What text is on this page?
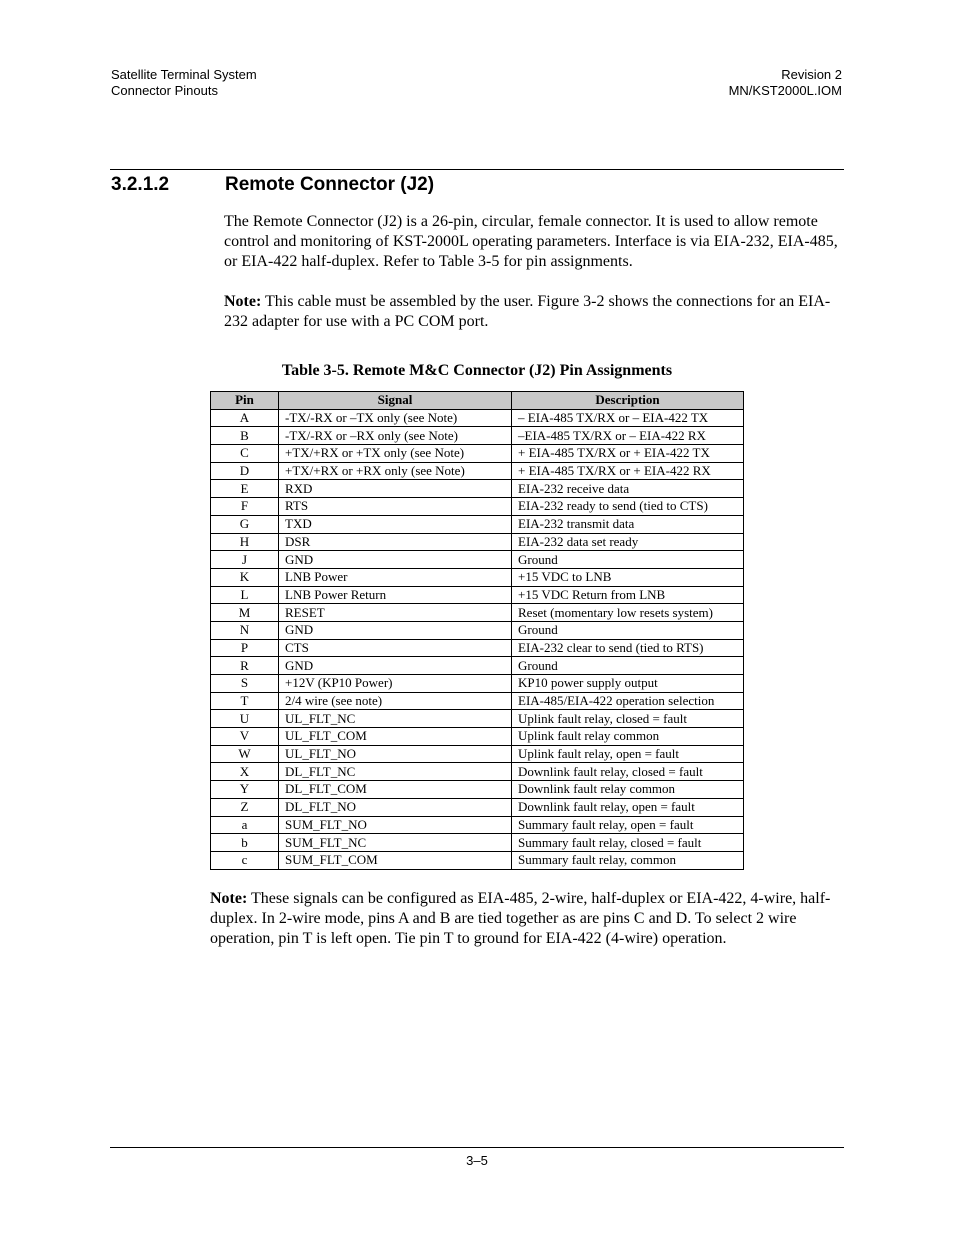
Satellite Terminal System
Connector Pinouts
Revision 2
MN/KST2000L.IOM
3.2.1.2	Remote Connector (J2)
The Remote Connector (J2) is a 26-pin, circular, female connector. It is used to allow remote control and monitoring of KST-2000L operating parameters. Interface is via EIA-232, EIA-485, or EIA-422 half-duplex. Refer to Table 3-5 for pin assignments.
Note: This cable must be assembled by the user. Figure 3-2 shows the connections for an EIA-232 adapter for use with a PC COM port.
Table 3-5. Remote M&C Connector (J2) Pin Assignments
Pin	Signal	Description
A	-TX/-RX or –TX only (see Note)	– EIA-485 TX/RX or – EIA-422 TX
B	-TX/-RX or –RX only (see Note)	–EIA-485 TX/RX or – EIA-422 RX
C	+TX/+RX or +TX only (see Note)	+ EIA-485 TX/RX or + EIA-422 TX
D	+TX/+RX or +RX only (see Note)	+ EIA-485 TX/RX or + EIA-422 RX
E	RXD	EIA-232 receive data
F	RTS	EIA-232 ready to send (tied to CTS)
G	TXD	EIA-232 transmit data
H	DSR	EIA-232 data set ready
J	GND	Ground
K	LNB Power	+15 VDC to LNB
L	LNB Power Return	+15 VDC Return from LNB
M	RESET	Reset (momentary low resets system)
N	GND	Ground
P	CTS	EIA-232 clear to send (tied to RTS)
R	GND	Ground
S	+12V (KP10 Power)	KP10 power supply output
T	2/4 wire (see note)	EIA-485/EIA-422 operation selection
U	UL_FLT_NC	Uplink fault relay, closed = fault
V	UL_FLT_COM	Uplink fault relay common
W	UL_FLT_NO	Uplink fault relay, open = fault
X	DL_FLT_NC	Downlink fault relay, closed = fault
Y	DL_FLT_COM	Downlink fault relay common
Z	DL_FLT_NO	Downlink fault relay, open = fault
a	SUM_FLT_NO	Summary fault relay, open = fault
b	SUM_FLT_NC	Summary fault relay, closed = fault
c	SUM_FLT_COM	Summary fault relay, common
Note: These signals can be configured as EIA-485, 2-wire, half-duplex or EIA-422, 4-wire, half-duplex. In 2-wire mode, pins A and B are tied together as are pins C and D. To select 2 wire operation, pin T is left open. Tie pin T to ground for EIA-422 (4-wire) operation.
3–5
